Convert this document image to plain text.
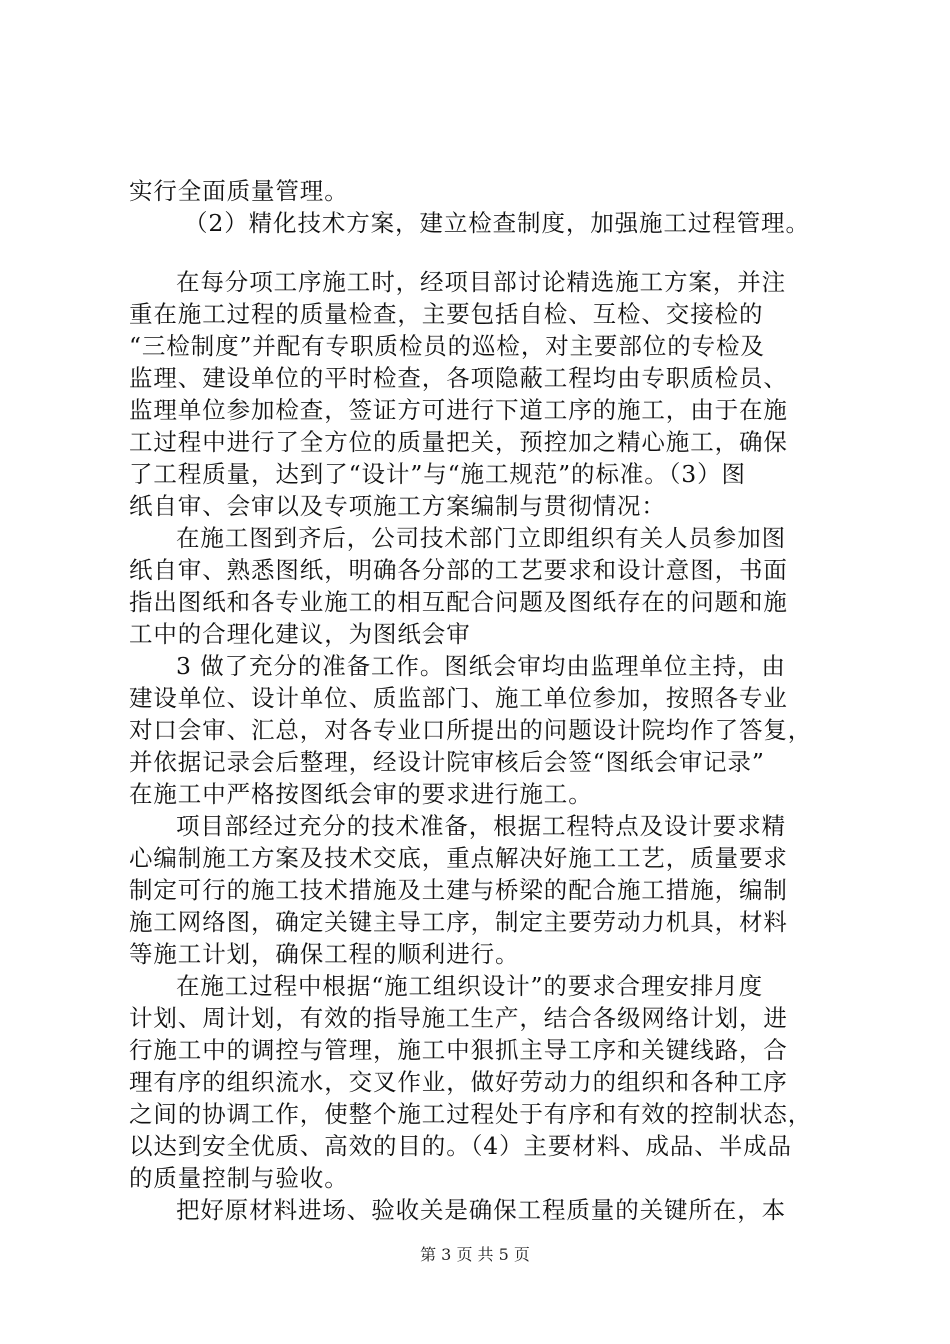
实行全面质量管理。
（2）精化技术方案，建立检查制度，加强施工过程管理。
在每分项工序施工时，经项目部讨论精选施工方案，并注
重在施工过程的质量检查，主要包括自检、互检、交接检的
“三检制度”并配有专职质检员的巡检，对主要部位的专检及
监理、建设单位的平时检查，各项隐蔽工程均由专职质检员、
监理单位参加检查，签证方可进行下道工序的施工，由于在施
工过程中进行了全方位的质量把关，预控加之精心施工，确保
了工程质量，达到了“设计”与“施工规范”的标准。（3）图
纸自审、会审以及专项施工方案编制与贯彻情况：
在施工图到齐后，公司技术部门立即组织有关人员参加图
纸自审、熟悉图纸，明确各分部的工艺要求和设计意图，书面
指出图纸和各专业施工的相互配合问题及图纸存在的问题和施
工中的合理化建议，为图纸会审
3 做了充分的准备工作。图纸会审均由监理单位主持，由
建设单位、设计单位、质监部门、施工单位参加，按照各专业
对口会审、汇总，对各专业口所提出的问题设计院均作了答复，
并依据记录会后整理，经设计院审核后会签“图纸会审记录”
在施工中严格按图纸会审的要求进行施工。
项目部经过充分的技术准备，根据工程特点及设计要求精
心编制施工方案及技术交底，重点解决好施工工艺，质量要求
制定可行的施工技术措施及土建与桥梁的配合施工措施，编制
施工网络图，确定关键主导工序，制定主要劳动力机具，材料
等施工计划，确保工程的顺利进行。
在施工过程中根据“施工组织设计”的要求合理安排月度
计划、周计划，有效的指导施工生产，结合各级网络计划，进
行施工中的调控与管理，施工中狠抓主导工序和关键线路，合
理有序的组织流水，交叉作业，做好劳动力的组织和各种工序
之间的协调工作，使整个施工过程处于有序和有效的控制状态，
以达到安全优质、高效的目的。（4）主要材料、成品、半成品
的质量控制与验收。
把好原材料进场、验收关是确保工程质量的关键所在，本
第 3 页 共 5 页
